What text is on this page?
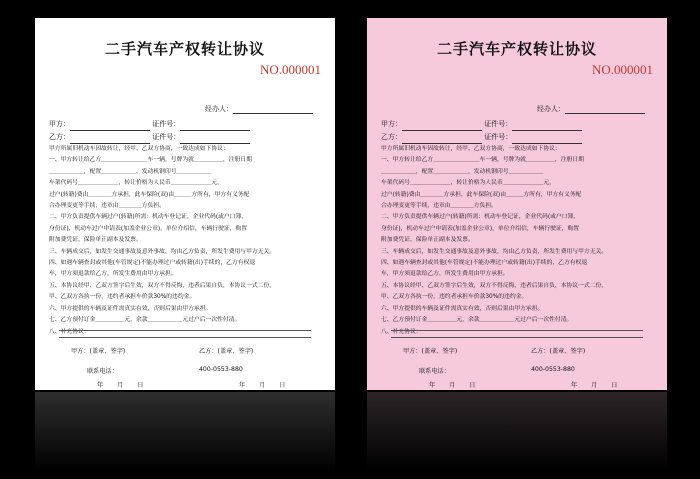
二手汽车产权转让协议
NO.000001
经办人：
甲方：	证件号：
乙方：	证件号：
甲方所属旧机动车因故转让，经甲、乙双方协商，一致达成如下协议：
一、甲方转让给乙方＿＿＿＿＿＿＿＿车一辆，号牌为就＿＿＿＿＿，注册日期
＿＿＿＿＿＿，配置＿＿＿＿＿＿，发动机钢印号＿＿＿＿＿＿
车架代码号＿＿＿＿＿＿＿，转让价格为人民币＿＿＿＿＿＿＿元，
过户(转籍)费由＿＿＿＿方承担，此车保险(双)由＿＿＿方所有，甲方有义务配
合办理变更等手续，违章由＿＿＿＿方负担。
二、甲方负责提供车辆过户(转籍)所需：机动车登记证，企业代码(或户口簿，
身份证)，机动车过户申请表(加盖企业公章)，单位介绍信，车辆行驶证，购置
附加费凭证，保险单正副本及发票。
三、车辆成交后，如发生交通事故及意外事故，均由乙方负责，所发生费用与甲方无关。
四、如遇车辆查封或其他(车管规定)不能办理过户或转籍(出)手续的，乙方有权退
车，甲方须退款给乙方，所发生费用由甲方承担。
五、本协议经甲、乙双方签字后生效，双方不得反悔，违者后果自负，本协议一式二份，
甲、乙双方各执一份，违约者承担车价款30%的违约金。
六、甲方提供的车辆及证件需真实有效，否则后果由甲方承担。
七、乙方预付订金＿＿＿＿＿元，余款＿＿＿＿＿＿元过户后一次性付清。
八、补充协议：
甲方：(盖章、签字)	乙方：(盖章、签字)
联系电话：	400-0553-880
年 月 日	年 月 日
二手汽车产权转让协议
NO.000001
经办人：
甲方：	证件号：
乙方：	证件号：
甲方所属旧机动车因故转让，经甲、乙双方协商，一致达成如下协议：
一、甲方转让给乙方＿＿＿＿＿＿＿＿车一辆，号牌为就＿＿＿＿＿，注册日期
＿＿＿＿＿＿，配置＿＿＿＿＿＿，发动机钢印号＿＿＿＿＿＿
车架代码号＿＿＿＿＿＿＿，转让价格为人民币＿＿＿＿＿＿＿元，
过户(转籍)费由＿＿＿＿方承担，此车保险(双)由＿＿＿方所有，甲方有义务配
合办理变更等手续，违章由＿＿＿＿方负担。
二、甲方负责提供车辆过户(转籍)所需：机动车登记证，企业代码(或户口簿，
身份证)，机动车过户申请表(加盖企业公章)，单位介绍信，车辆行驶证，购置
附加费凭证，保险单正副本及发票。
三、车辆成交后，如发生交通事故及意外事故，均由乙方负责，所发生费用与甲方无关。
四、如遇车辆查封或其他(车管规定)不能办理过户或转籍(出)手续的，乙方有权退
车，甲方须退款给乙方，所发生费用由甲方承担。
五、本协议经甲、乙双方签字后生效，双方不得反悔，违者后果自负，本协议一式二份，
甲、乙双方各执一份，违约者承担车价款30%的违约金。
六、甲方提供的车辆及证件需真实有效，否则后果由甲方承担。
七、乙方预付订金＿＿＿＿＿元，余款＿＿＿＿＿＿元过户后一次性付清。
八、补充协议：
甲方：(盖章、签字)	乙方：(盖章、签字)
联系电话：	400-0553-880
年 月 日	年 月 日
